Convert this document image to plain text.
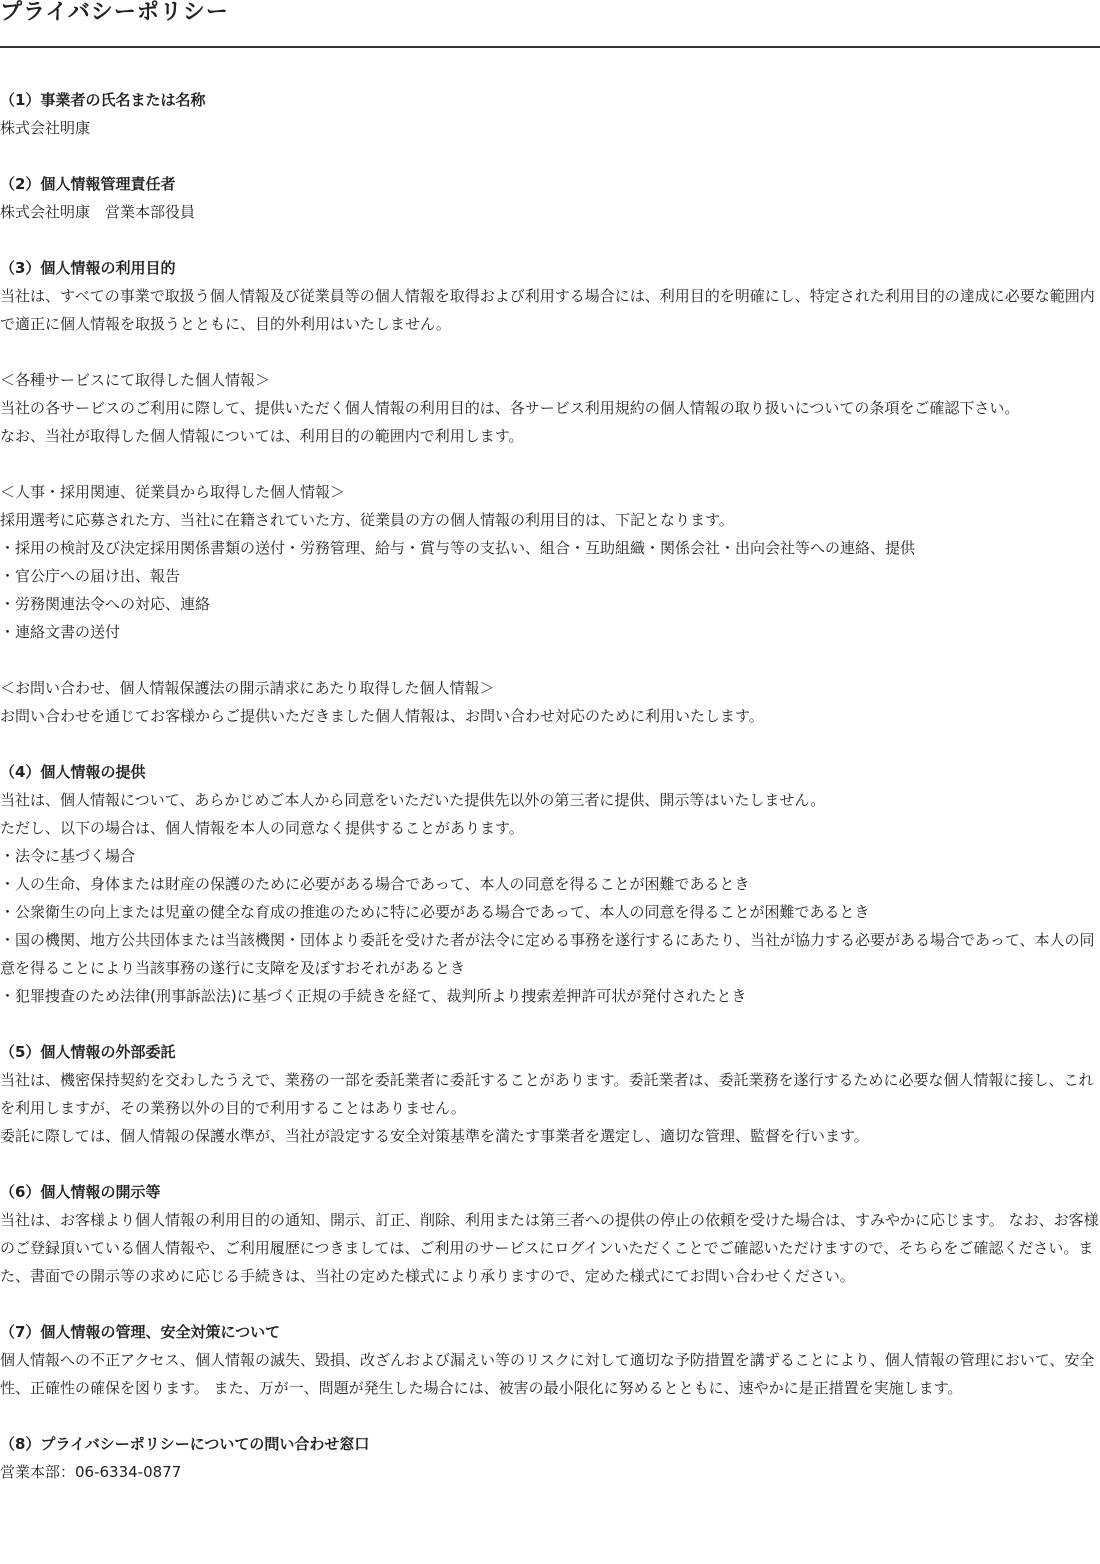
プライバシーポリシー
（1）事業者の氏名または名称
株式会社明康
（2）個人情報管理責任者
株式会社明康　営業本部役員
（3）個人情報の利用目的
当社は、すべての事業で取扱う個人情報及び従業員等の個人情報を取得および利用する場合には、利用目的を明確にし、特定された利用目的の達成に必要な範囲内で適正に個人情報を取扱うとともに、目的外利用はいたしません。
＜各種サービスにて取得した個人情報＞
当社の各サービスのご利用に際して、提供いただく個人情報の利用目的は、各サービス利用規約の個人情報の取り扱いについての条項をご確認下さい。
なお、当社が取得した個人情報については、利用目的の範囲内で利用します。
＜人事・採用関連、従業員から取得した個人情報＞
採用選考に応募された方、当社に在籍されていた方、従業員の方の個人情報の利用目的は、下記となります。
・採用の検討及び決定採用関係書類の送付・労務管理、給与・賞与等の支払い、組合・互助組織・関係会社・出向会社等への連絡、提供
・官公庁への届け出、報告
・労務関連法令への対応、連絡
・連絡文書の送付
＜お問い合わせ、個人情報保護法の開示請求にあたり取得した個人情報＞
お問い合わせを通じてお客様からご提供いただきました個人情報は、お問い合わせ対応のために利用いたします。
（4）個人情報の提供
当社は、個人情報について、あらかじめご本人から同意をいただいた提供先以外の第三者に提供、開示等はいたしません。
ただし、以下の場合は、個人情報を本人の同意なく提供することがあります。
・法令に基づく場合
・人の生命、身体または財産の保護のために必要がある場合であって、本人の同意を得ることが困難であるとき
・公衆衛生の向上または児童の健全な育成の推進のために特に必要がある場合であって、本人の同意を得ることが困難であるとき
・国の機関、地方公共団体または当該機関・団体より委託を受けた者が法令に定める事務を遂行するにあたり、当社が協力する必要がある場合であって、本人の同意を得ることにより当該事務の遂行に支障を及ぼすおそれがあるとき
・犯罪捜査のため法律(刑事訴訟法)に基づく正規の手続きを経て、裁判所より捜索差押許可状が発付されたとき
（5）個人情報の外部委託
当社は、機密保持契約を交わしたうえで、業務の一部を委託業者に委託することがあります。委託業者は、委託業務を遂行するために必要な個人情報に接し、これを利用しますが、その業務以外の目的で利用することはありません。
委託に際しては、個人情報の保護水準が、当社が設定する安全対策基準を満たす事業者を選定し、適切な管理、監督を行います。
（6）個人情報の開示等
当社は、お客様より個人情報の利用目的の通知、開示、訂正、削除、利用または第三者への提供の停止の依頼を受けた場合は、すみやかに応じます。 なお、お客様のご登録頂いている個人情報や、ご利用履歴につきましては、ご利用のサービスにログインいただくことでご確認いただけますので、そちらをご確認ください。また、書面での開示等の求めに応じる手続きは、当社の定めた様式により承りますので、定めた様式にてお問い合わせください。
（7）個人情報の管理、安全対策について
個人情報への不正アクセス、個人情報の滅失、毀損、改ざんおよび漏えい等のリスクに対して適切な予防措置を講ずることにより、個人情報の管理において、安全性、正確性の確保を図ります。 また、万が一、問題が発生した場合には、被害の最小限化に努めるとともに、速やかに是正措置を実施します。
（8）プライバシーポリシーについての問い合わせ窓口
営業本部：06-6334-0877
